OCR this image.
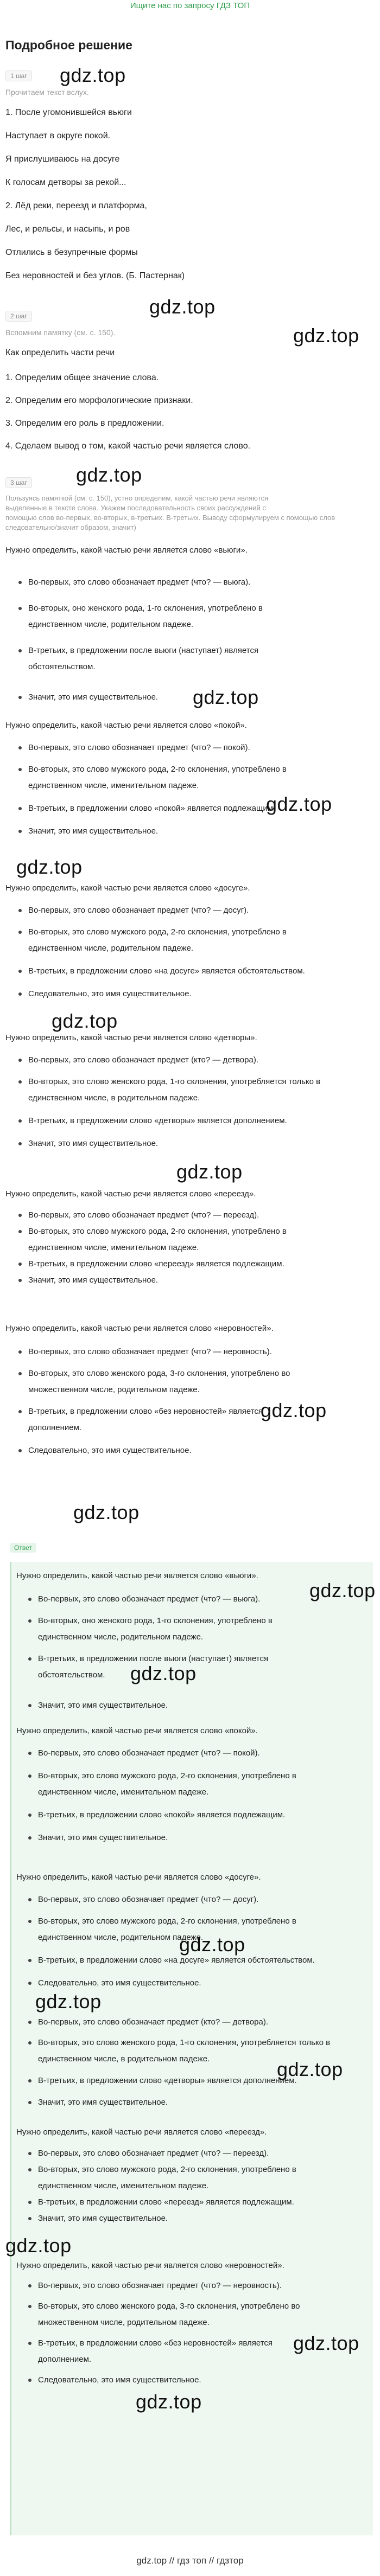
Ищите нас по запросу ГДЗ ТОП
Подробное решение
1 шаг
Прочитаем текст вслух.
gdz.top
1. После угомонившейся вьюги
Наступает в округе покой.
Я прислушиваюсь на досуге
К голосам детворы за рекой...
2. Лёд реки, переезд и платформа,
Лес, и рельсы, и насыпь, и ров
Отлились в безупречные формы
Без неровностей и без углов. (Б. Пастернак)
gdz.top
2 шаг
Вспомним памятку (см. с. 150).	gdz.top
Как определить части речи
1. Определим общее значение слова.
2. Определим его морфологические признаки.
3. Определим его роль в предложении.
4. Сделаем вывод о том, какой частью речи является слово.
gdz.top
3 шаг
Пользуясь памяткой (см. с. 150), устно определим, какой частью речи являются
выделенные в тексте слова. Укажем последовательность своих рассуждений с
помощью слов во-первых, во-вторых, в-третьих. В-третьих. Выводу сформулируем с помощью слов
следовательно/значит образом, значит)
Нужно определить, какой частью речи является слово «вьюги».
Во-первых, это слово обозначает предмет (что? — вьюга).
Во-вторых, оно женского рода, 1-го склонения, употреблено в
единственном числе, родительном падеже.
В-третьих, в предложении после вьюги (наступает) является
обстоятельством.
Значит, это имя существительное.	gdz.top
Нужно определить, какой частью речи является слово «покой».
Во-первых, это слово обозначает предмет (что? — покой).
Во-вторых, это слово мужского рода, 2-го склонения, употреблено в
единственном числе, именительном падеже.
В-третьих, в предложении слово «покой» является подлежащим.
Значит, это имя существительное.
gdz.top
gdz.top
Нужно определить, какой частью речи является слово «досуге».
Во-первых, это слово обозначает предмет (что? — досуг).
Во-вторых, это слово мужского рода, 2-го склонения, употреблено в
единственном числе, родительном падеже.
В-третьих, в предложении слово «на досуге» является обстоятельством.
Следовательно, это имя существительное.
gdz.top
Нужно определить, какой частью речи является слово «детворы».
Во-первых, это слово обозначает предмет (кто? — детвора).
Во-вторых, это слово женского рода, 1-го склонения, употребляется только в
единственном числе, в родительном падеже.
В-третьих, в предложении слово «детворы» является дополнением.
Значит, это имя существительное.
gdz.top
Нужно определить, какой частью речи является слово «переезд».
Во-первых, это слово обозначает предмет (что? — переезд).
Во-вторых, это слово мужского рода, 2-го склонения, употреблено в
единственном числе, именительном падеже.
В-третьих, в предложении слово «переезд» является подлежащим.
Значит, это имя существительное.
Нужно определить, какой частью речи является слово «неровностей».
Во-первых, это слово обозначает предмет (что? — неровность).
Во-вторых, это слово женского рода, 3-го склонения, употреблено во
множественном числе, родительном падеже.
В-третьих, в предложении слово «без неровностей» является
дополнением.
Следовательно, это имя существительное.
gdz.top
gdz.top
Ответ
Нужно определить, какой частью речи является слово «вьюги».
Во-первых, это слово обозначает предмет (что? — вьюга).
Во-вторых, оно женского рода, 1-го склонения, употреблено в
единственном числе, родительном падеже.
В-третьих, в предложении после вьюги (наступает) является
обстоятельством.
Значит, это имя существительное.
gdz.top
gdz.top
Нужно определить, какой частью речи является слово «покой».
Во-первых, это слово обозначает предмет (что? — покой).
Во-вторых, это слово мужского рода, 2-го склонения, употреблено в
единственном числе, именительном падеже.
В-третьих, в предложении слово «покой» является подлежащим.
Значит, это имя существительное.
Нужно определить, какой частью речи является слово «досуге».
Во-первых, это слово обозначает предмет (что? — досуг).
Во-вторых, это слово мужского рода, 2-го склонения, употреблено в
единственном числе, родительном падеже.
В-третьих, в предложении слово «на досуге» является обстоятельством.
Следовательно, это имя существительное.
gdz.top
gdz.top
Во-первых, это слово обозначает предмет (кто? — детвора).
Во-вторых, это слово женского рода, 1-го склонения, употребляется только в
единственном числе, в родительном падеже.
В-третьих, в предложении слово «детворы» является дополнением.
Значит, это имя существительное.
gdz.top
Нужно определить, какой частью речи является слово «переезд».
Во-первых, это слово обозначает предмет (что? — переезд).
Во-вторых, это слово мужского рода, 2-го склонения, употреблено в
единственном числе, именительном падеже.
В-третьих, в предложении слово «переезд» является подлежащим.
Значит, это имя существительное.
gdz.top
Нужно определить, какой частью речи является слово «неровностей».
Во-первых, это слово обозначает предмет (что? — неровность).
Во-вторых, это слово женского рода, 3-го склонения, употреблено во
множественном числе, родительном падеже.
В-третьих, в предложении слово «без неровностей» является
дополнением.
Следовательно, это имя существительное.
gdz.top
gdz.top
gdz.top // гдз топ // гдзтор
